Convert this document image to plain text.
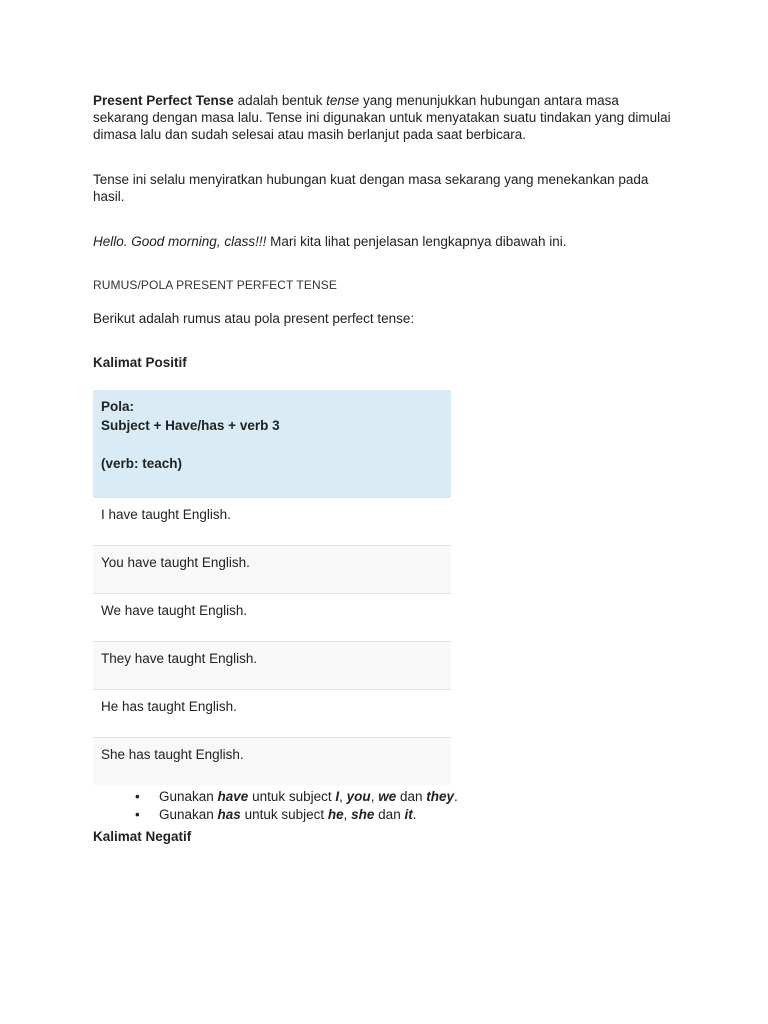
Present Perfect Tense adalah bentuk tense yang menunjukkan hubungan antara masa sekarang dengan masa lalu. Tense ini digunakan untuk menyatakan suatu tindakan yang dimulai dimasa lalu dan sudah selesai atau masih berlanjut pada saat berbicara.

Tense ini selalu menyiratkan hubungan kuat dengan masa sekarang yang menekankan pada hasil.

Hello. Good morning, class!!! Mari kita lihat penjelasan lengkapnya dibawah ini.

RUMUS/POLA PRESENT PERFECT TENSE

Berikut adalah rumus atau pola present perfect tense:

Kalimat Positif

Pola:
Subject + Have/has + verb 3
(verb: teach)
I have taught English.
You have taught English.
We have taught English.
They have taught English.
He has taught English.
She has taught English.
• Gunakan have untuk subject I, you, we dan they.
• Gunakan has untuk subject he, she dan it.

Kalimat Negatif
